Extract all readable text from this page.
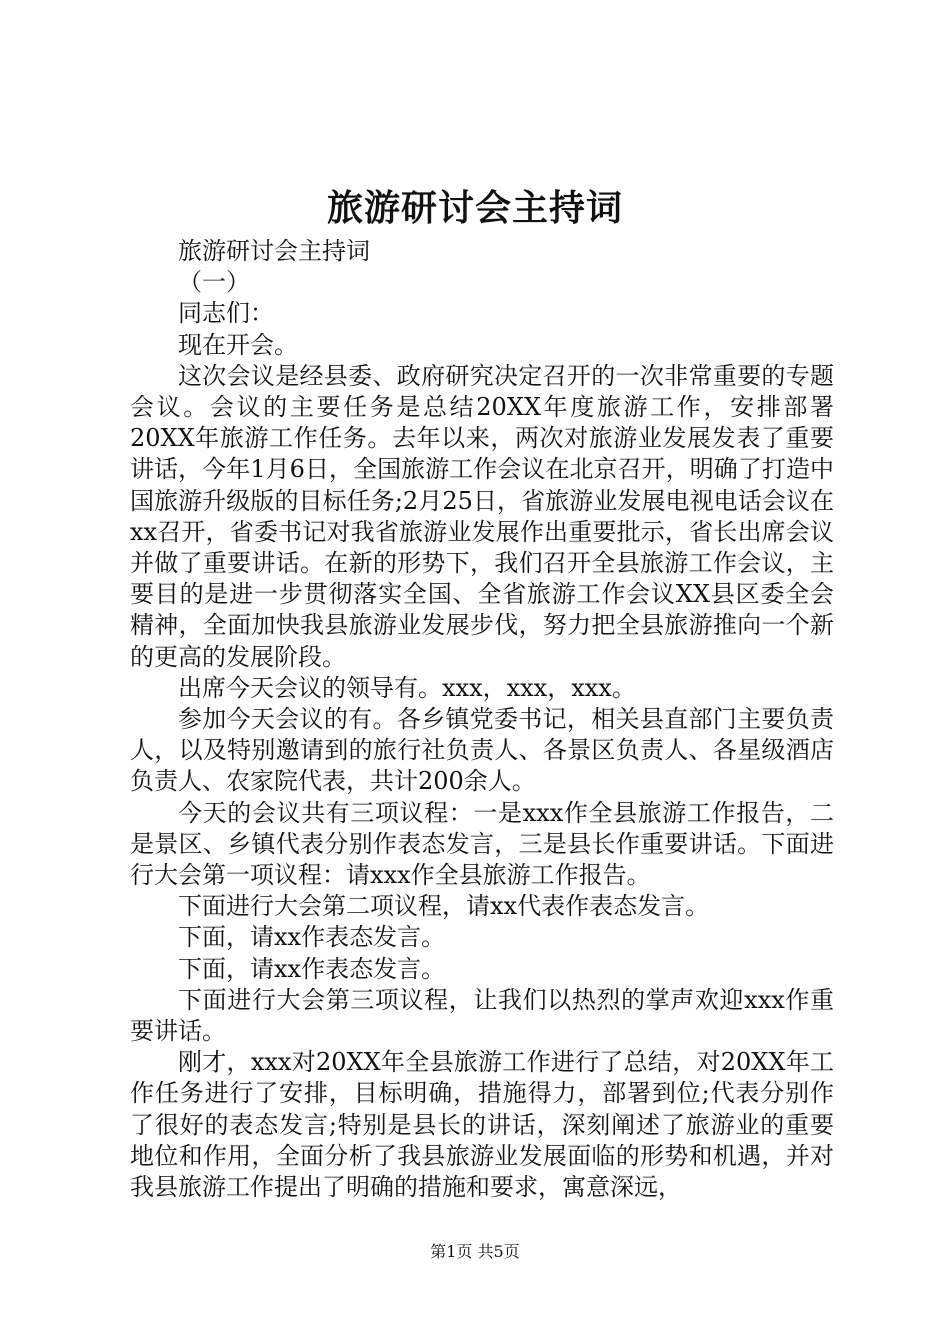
旅游研讨会主持词

旅游研讨会主持词

（一）

同志们：

现在开会。

这次会议是经县委、政府研究决定召开的一次非常重要的专题会议。会议的主要任务是总结20XX年度旅游工作，安排部署20XX年旅游工作任务。去年以来，两次对旅游业发展发表了重要讲话，今年1月6日，全国旅游工作会议在北京召开，明确了打造中国旅游升级版的目标任务;2月25日，省旅游业发展电视电话会议在xx召开，省委书记对我省旅游业发展作出重要批示，省长出席会议并做了重要讲话。在新的形势下，我们召开全县旅游工作会议，主要目的是进一步贯彻落实全国、全省旅游工作会议XX县区委全会精神，全面加快我县旅游业发展步伐，努力把全县旅游推向一个新的更高的发展阶段。

出席今天会议的领导有。xxx，xxx，xxx。

参加今天会议的有。各乡镇党委书记，相关县直部门主要负责人，以及特别邀请到的旅行社负责人、各景区负责人、各星级酒店负责人、农家院代表，共计200余人。

今天的会议共有三项议程：一是xxx作全县旅游工作报告，二是景区、乡镇代表分别作表态发言，三是县长作重要讲话。下面进行大会第一项议程：请xxx作全县旅游工作报告。

下面进行大会第二项议程，请xx代表作表态发言。

下面，请xx作表态发言。

下面，请xx作表态发言。

下面进行大会第三项议程，让我们以热烈的掌声欢迎xxx作重要讲话。

刚才，xxx对20XX年全县旅游工作进行了总结，对20XX年工作任务进行了安排，目标明确，措施得力，部署到位;代表分别作了很好的表态发言;特别是县长的讲话，深刻阐述了旅游业的重要地位和作用，全面分析了我县旅游业发展面临的形势和机遇，并对我县旅游工作提出了明确的措施和要求，寓意深远，

第1页 共5页
